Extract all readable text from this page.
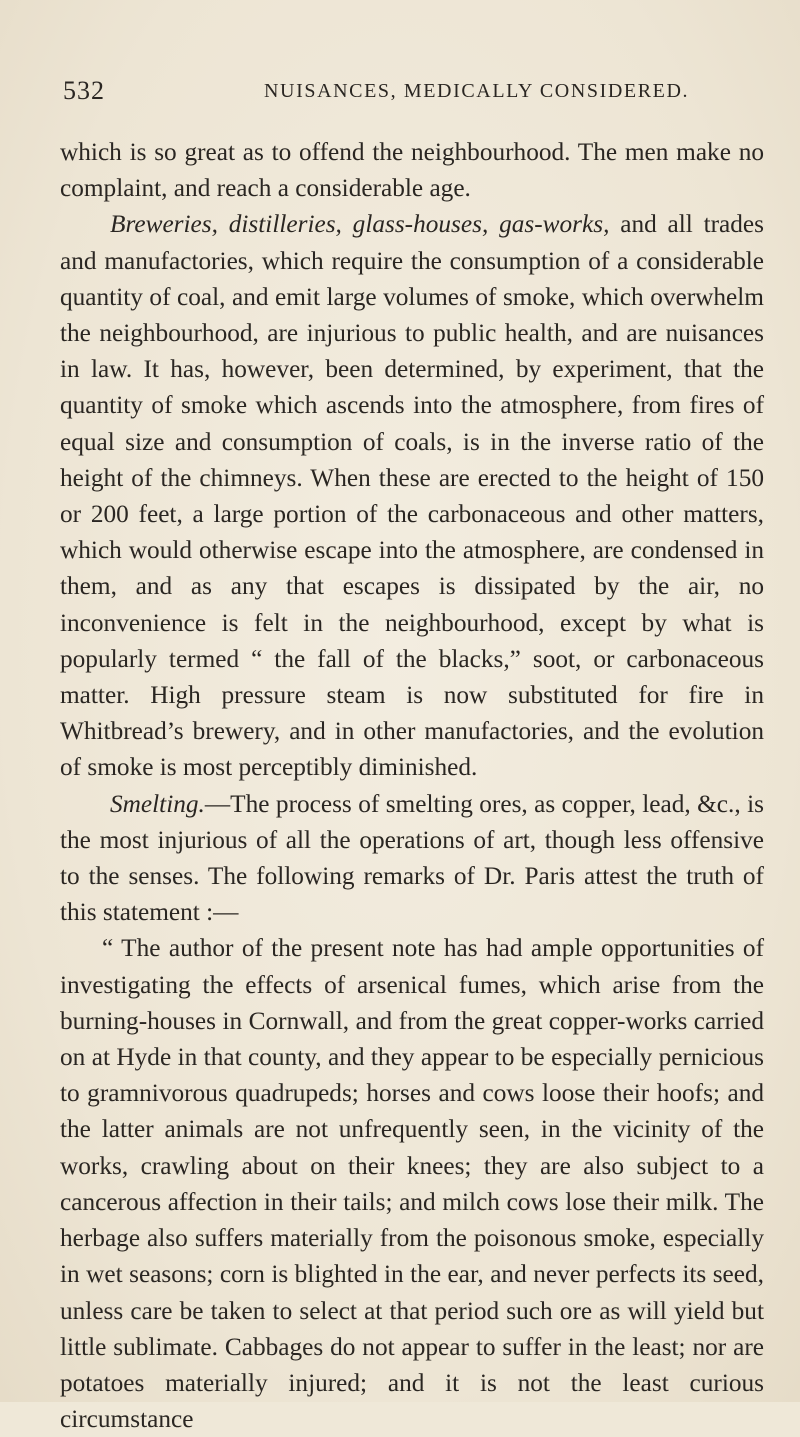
532	NUISANCES, MEDICALLY CONSIDERED.

which is so great as to offend the neighbourhood. The men make no complaint, and reach a considerable age.

Breweries, distilleries, glass-houses, gas-works, and all trades and manufactories, which require the consumption of a considerable quantity of coal, and emit large volumes of smoke, which overwhelm the neighbourhood, are injurious to public health, and are nuisances in law. It has, however, been determined, by experiment, that the quantity of smoke which ascends into the atmosphere, from fires of equal size and consumption of coals, is in the inverse ratio of the height of the chimneys. When these are erected to the height of 150 or 200 feet, a large portion of the carbonaceous and other matters, which would otherwise escape into the atmosphere, are condensed in them, and as any that escapes is dissipated by the air, no inconvenience is felt in the neighbourhood, except by what is popularly termed “ the fall of the blacks,” soot, or carbonaceous matter. High pressure steam is now substituted for fire in Whitbread’s brewery, and in other manufactories, and the evolution of smoke is most perceptibly diminished.

Smelting.—The process of smelting ores, as copper, lead, &c., is the most injurious of all the operations of art, though less offensive to the senses. The following remarks of Dr. Paris attest the truth of this statement :—

“ The author of the present note has had ample opportunities of investigating the effects of arsenical fumes, which arise from the burning-houses in Cornwall, and from the great copper-works carried on at Hyde in that county, and they appear to be especially pernicious to gramnivorous quadrupeds; horses and cows loose their hoofs; and the latter animals are not unfrequently seen, in the vicinity of the works, crawling about on their knees; they are also subject to a cancerous affection in their tails; and milch cows lose their milk. The herbage also suffers materially from the poisonous smoke, especially in wet seasons; corn is blighted in the ear, and never perfects its seed, unless care be taken to select at that period such ore as will yield but little sublimate. Cabbages do not appear to suffer in the least; nor are potatoes materially injured; and it is not the least curious circumstance
